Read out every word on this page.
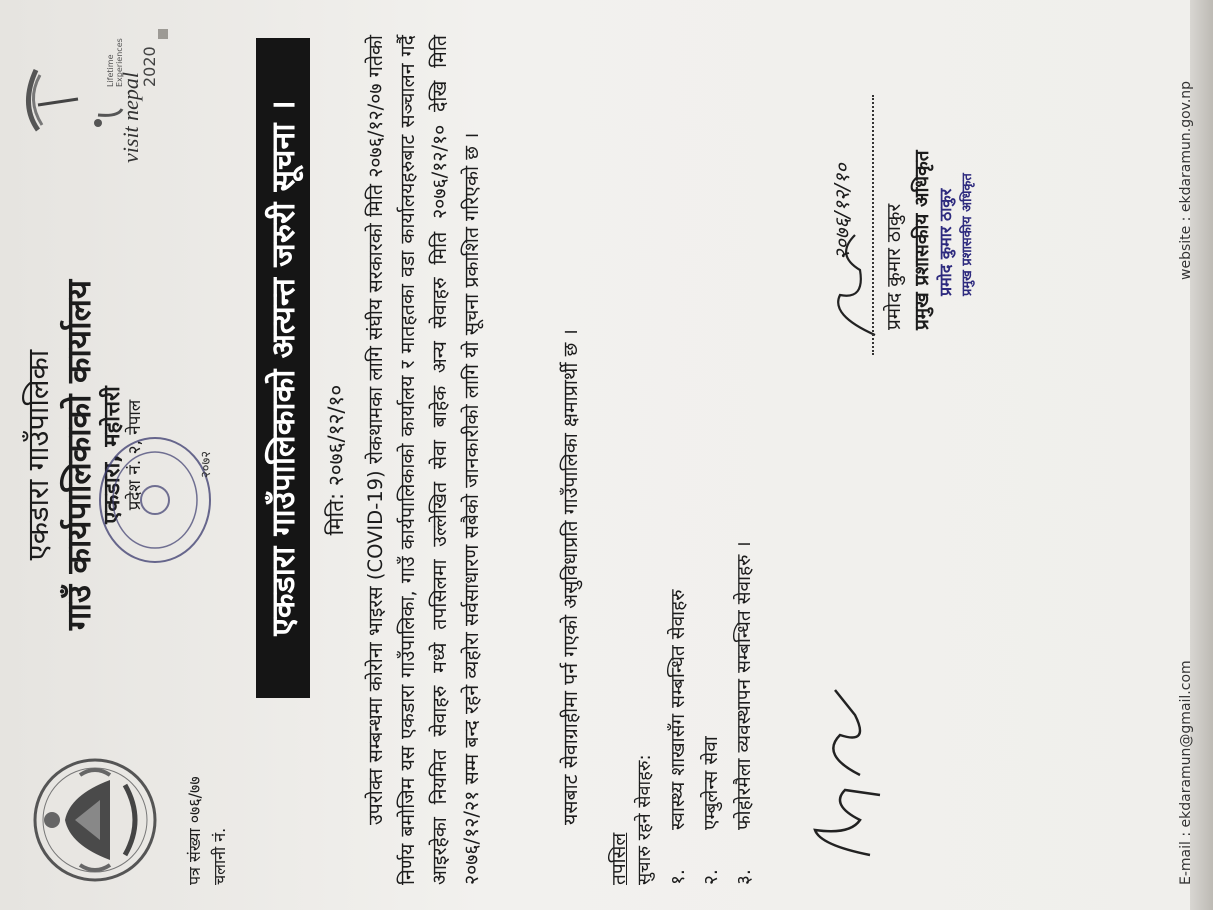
एकडारा गाउँपालिका गाउँ कार्यपालिकाको कार्यालय एकडारा, महोत्तरी प्रदेश नं. २, नेपाल	२०७२
visit nepal
2020
Lifetime Experiences
पत्र संख्या ०७६/७७ चलानी नं.
एकडारा गाउँपालिकाको अत्यन्त जरुरी सूचना ।	मिति: २०७६/१२/१० उपरोक्त सम्बन्धमा कोरोना भाइरस (COVID-19) रोकथामका लागि संघीय सरकारको मिति २०७६/१२/०७ गतेको निर्णय बमोजिम यस एकडारा गाउँपालिका, गाउँ कार्यपालिकाको कार्यालय र मातहतका वडा कार्यालयहरुबाट सञ्चालन गर्दै आइरहेका नियमित सेवाहरु मध्ये तपसिलमा उल्लेखित सेवा बाहेक अन्य सेवाहरु मिति २०७६/१२/१० देखि मिति २०७६/१२/२१ सम्म बन्द रहने व्यहोरा सर्वसाधारण सबैको जानकारीको लागि यो सूचना प्रकाशित गरिएको छ ।	यसबाट सेवाग्राहीमा पर्न गएको असुविधाप्रति गाउँपालिका क्षमाप्रार्थी छ ।
तपसिल सुचारु रहने सेवाहरु: १.स्वास्थ्य शाखासँग सम्बन्धित सेवाहरु
२.एम्बुलेन्स सेवा
३.फोहोरमैला व्यवस्थापन सम्बन्धित सेवाहरु ।
२०७६/१२/१० प्रमोद कुमार ठाकुर प्रमुख प्रशासकीय अधिकृत प्रमोद कुमार ठाकुर प्रमुख प्रशासकीय अधिकृत
E-mail : ekdaramun@gmail.com
website : ekdaramun.gov.np
